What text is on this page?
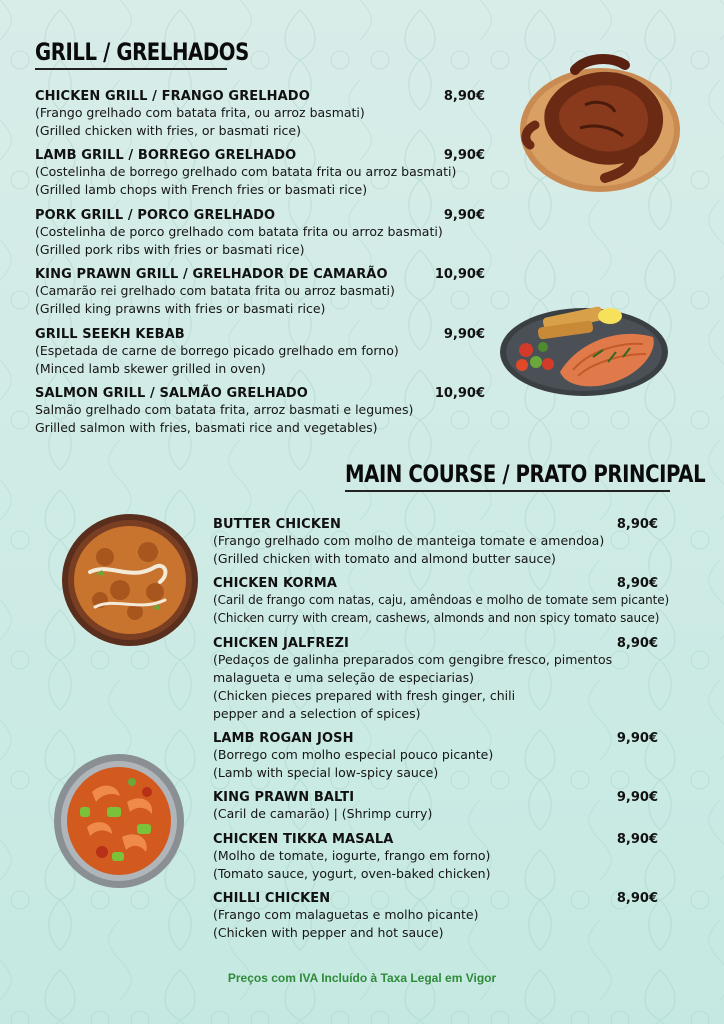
GRILL / GRELHADOS
CHICKEN GRILL / FRANGO GRELHADO	8,90€
(Frango grelhado com batata frita, ou arroz basmati)
(Grilled chicken with fries, or basmati rice)
LAMB GRILL / BORREGO GRELHADO	9,90€
(Costelinha de borrego grelhado com batata frita ou arroz basmati)
(Grilled lamb chops with French fries or basmati rice)
PORK GRILL / PORCO GRELHADO	9,90€
(Costelinha de porco grelhado com batata frita ou arroz basmati)
(Grilled pork ribs with fries or basmati rice)
KING PRAWN GRILL / GRELHADOR DE CAMARÃO	10,90€
(Camarão rei grelhado com batata frita ou arroz basmati)
(Grilled king prawns with fries or basmati rice)
GRILL SEEKH KEBAB	9,90€
(Espetada de carne de borrego picado grelhado em forno)
(Minced lamb skewer grilled in oven)
SALMON GRILL / SALMÃO GRELHADO	10,90€
Salmão grelhado com batata frita, arroz basmati e legumes)
Grilled salmon with fries, basmati rice and vegetables)
MAIN COURSE / PRATO PRINCIPAL
BUTTER CHICKEN	8,90€
(Frango grelhado com molho de manteiga tomate e amendoa)
(Grilled chicken with tomato and almond butter sauce)
CHICKEN KORMA	8,90€
(Caril de frango com natas, caju, amêndoas e molho de tomate sem picante)
(Chicken curry with cream, cashews, almonds and non spicy tomato sauce)
CHICKEN JALFREZI	8,90€
(Pedaços de galinha preparados com gengibre fresco, pimentos
malagueta e uma seleção de especiarias)
(Chicken pieces prepared with fresh ginger, chili
pepper and a selection of spices)
LAMB ROGAN JOSH	9,90€
(Borrego com molho especial pouco picante)
(Lamb with special low-spicy sauce)
KING PRAWN BALTI	9,90€
(Caril de camarão) | (Shrimp curry)
CHICKEN TIKKA MASALA	8,90€
(Molho de tomate, iogurte, frango em forno)
(Tomato sauce, yogurt, oven-baked chicken)
CHILLI CHICKEN	8,90€
(Frango com malaguetas e molho picante)
(Chicken with pepper and hot sauce)
Preços com IVA Incluído à Taxa Legal em Vigor
